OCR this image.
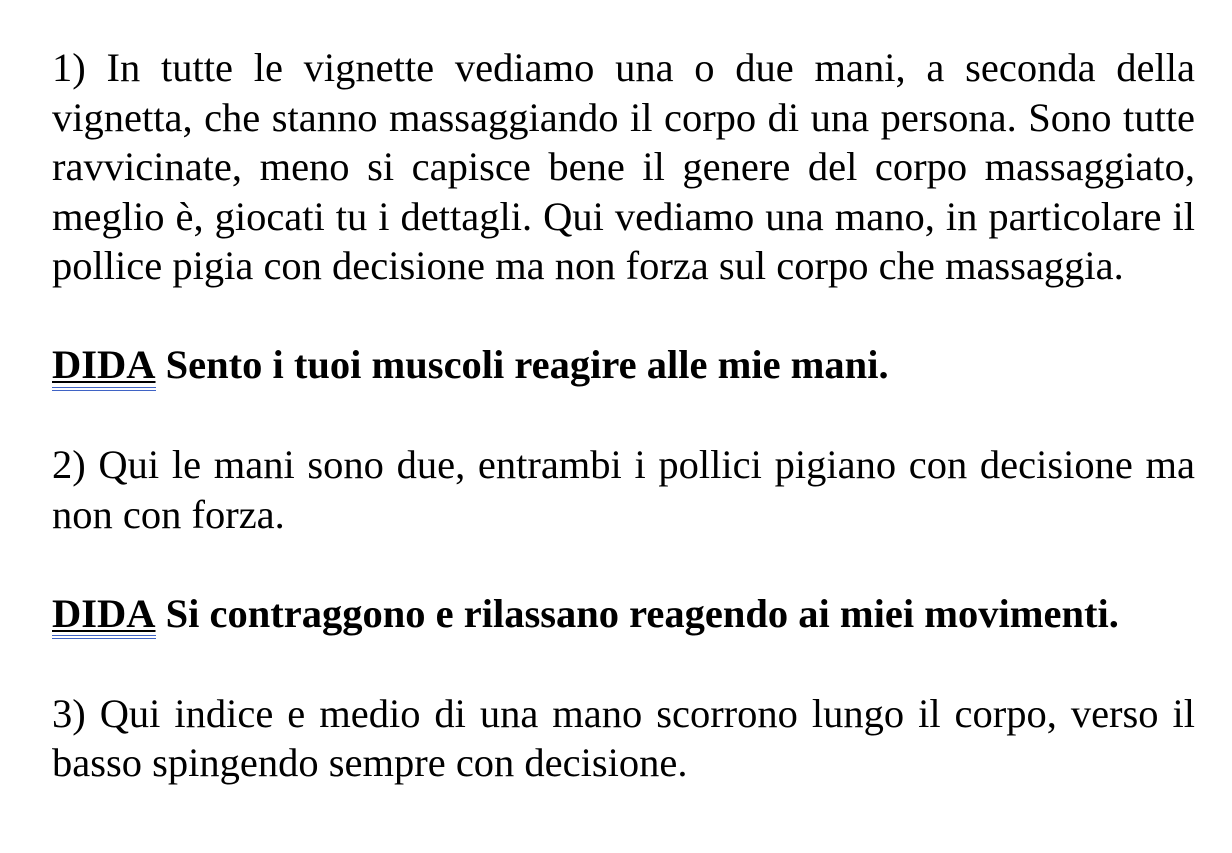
1) In tutte le vignette vediamo una o due mani, a seconda della vignetta, che stanno massaggiando il corpo di una persona. Sono tutte ravvicinate, meno si capisce bene il genere del corpo massaggiato, meglio è, giocati tu i dettagli. Qui vediamo una mano, in particolare il pollice pigia con decisione ma non forza sul corpo che massaggia.

DIDA Sento i tuoi muscoli reagire alle mie mani.

2) Qui le mani sono due, entrambi i pollici pigiano con decisione ma non con forza.

DIDA Si contraggono e rilassano reagendo ai miei movimenti.

3) Qui indice e medio di una mano scorrono lungo il corpo, verso il basso spingendo sempre con decisione.
